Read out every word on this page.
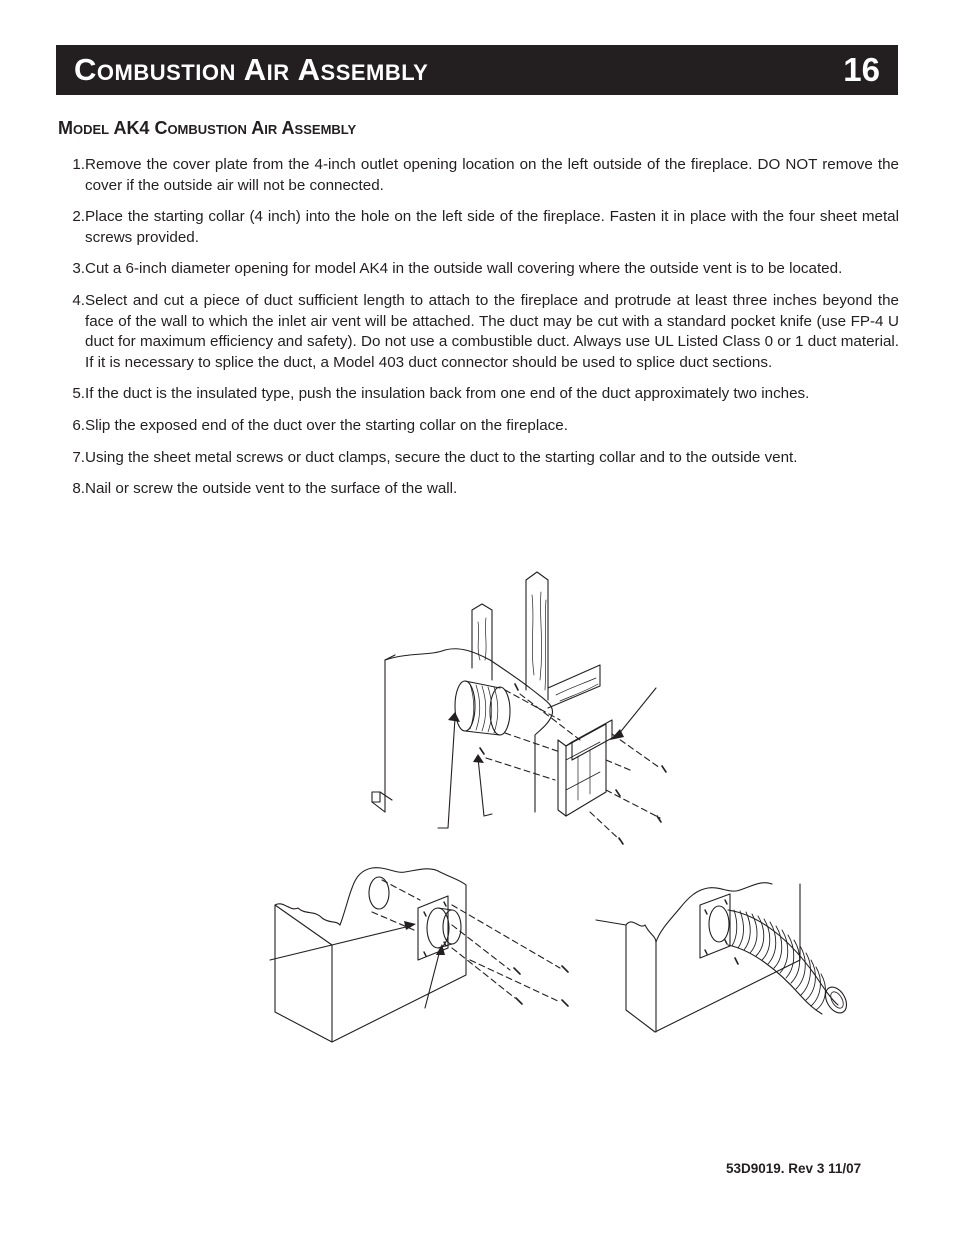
Combustion Air Assembly	16
Model AK4 Combustion Air Assembly
1. Remove the cover plate from the 4-inch outlet opening location on the left outside of the fireplace. DO NOT remove the cover if the outside air will not be connected.
2. Place the starting collar (4 inch) into the hole on the left side of the fireplace. Fasten it in place with the four sheet metal screws provided.
3. Cut a 6-inch diameter opening for model AK4 in the outside wall covering where the outside vent is to be located.
4. Select and cut a piece of duct sufficient length to attach to the fireplace and protrude at least three inches beyond the face of the wall to which the inlet air vent will be attached. The duct may be cut with a standard pocket knife (use FP-4 U duct for maximum efficiency and safety). Do not use a combustible duct. Always use UL Listed Class 0 or 1 duct material. If it is necessary to splice the duct, a Model 403 duct connector should be used to splice duct sections.
5. If the duct is the insulated type, push the insulation back from one end of the duct approximately two inches.
6. Slip the exposed end of the duct over the starting collar on the fireplace.
7. Using the sheet metal screws or duct clamps, secure the duct to the starting collar and to the outside vent.
8. Nail or screw the outside vent to the surface of the wall.
53D9019. Rev 3 11/07
